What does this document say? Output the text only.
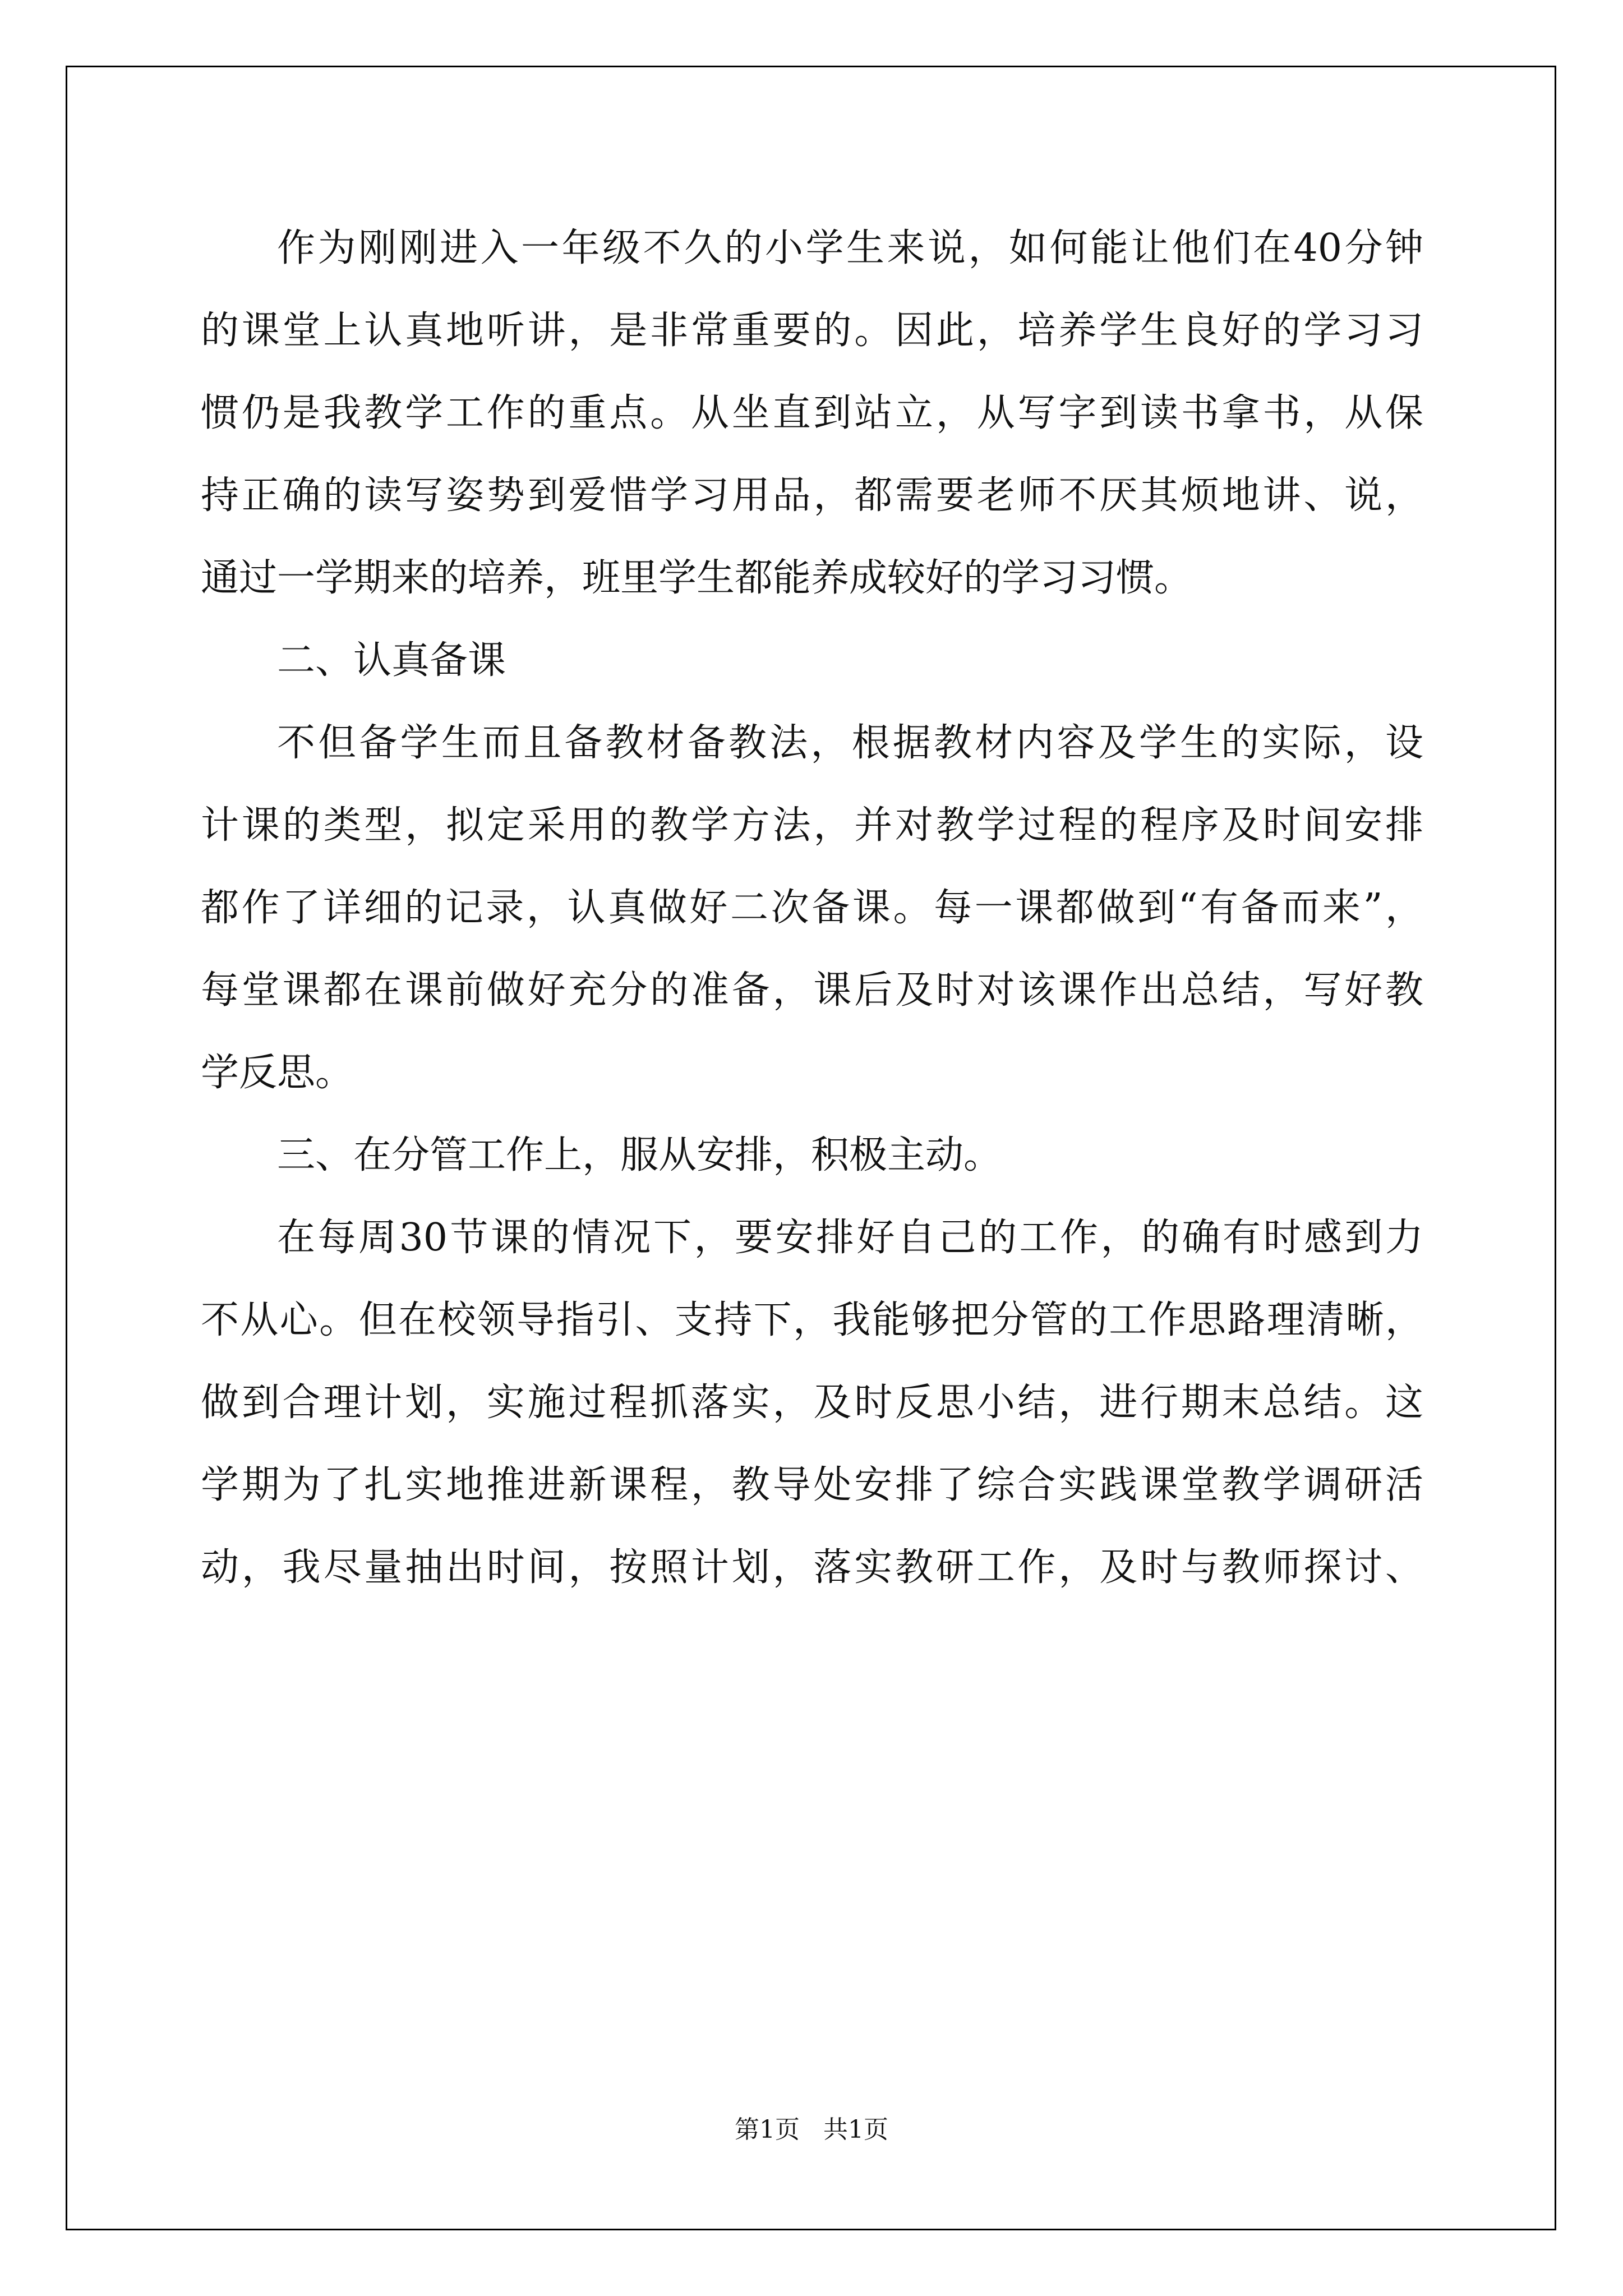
作为刚刚进入一年级不久的小学生来说，如何能让他们在40分钟
的课堂上认真地听讲，是非常重要的。因此，培养学生良好的学习习
惯仍是我教学工作的重点。从坐直到站立，从写字到读书拿书，从保
持正确的读写姿势到爱惜学习用品，都需要老师不厌其烦地讲、说，
通过一学期来的培养，班里学生都能养成较好的学习习惯。
二、认真备课
不但备学生而且备教材备教法，根据教材内容及学生的实际，设
计课的类型，拟定采用的教学方法，并对教学过程的程序及时间安排
都作了详细的记录，认真做好二次备课。每一课都做到“有备而来”，
每堂课都在课前做好充分的准备，课后及时对该课作出总结，写好教
学反思。
三、在分管工作上，服从安排，积极主动。
在每周30节课的情况下，要安排好自己的工作，的确有时感到力
不从心。但在校领导指引、支持下，我能够把分管的工作思路理清晰，
做到合理计划，实施过程抓落实，及时反思小结，进行期末总结。这
学期为了扎实地推进新课程，教导处安排了综合实践课堂教学调研活
动，我尽量抽出时间，按照计划，落实教研工作，及时与教师探讨、
第1页   共1页
